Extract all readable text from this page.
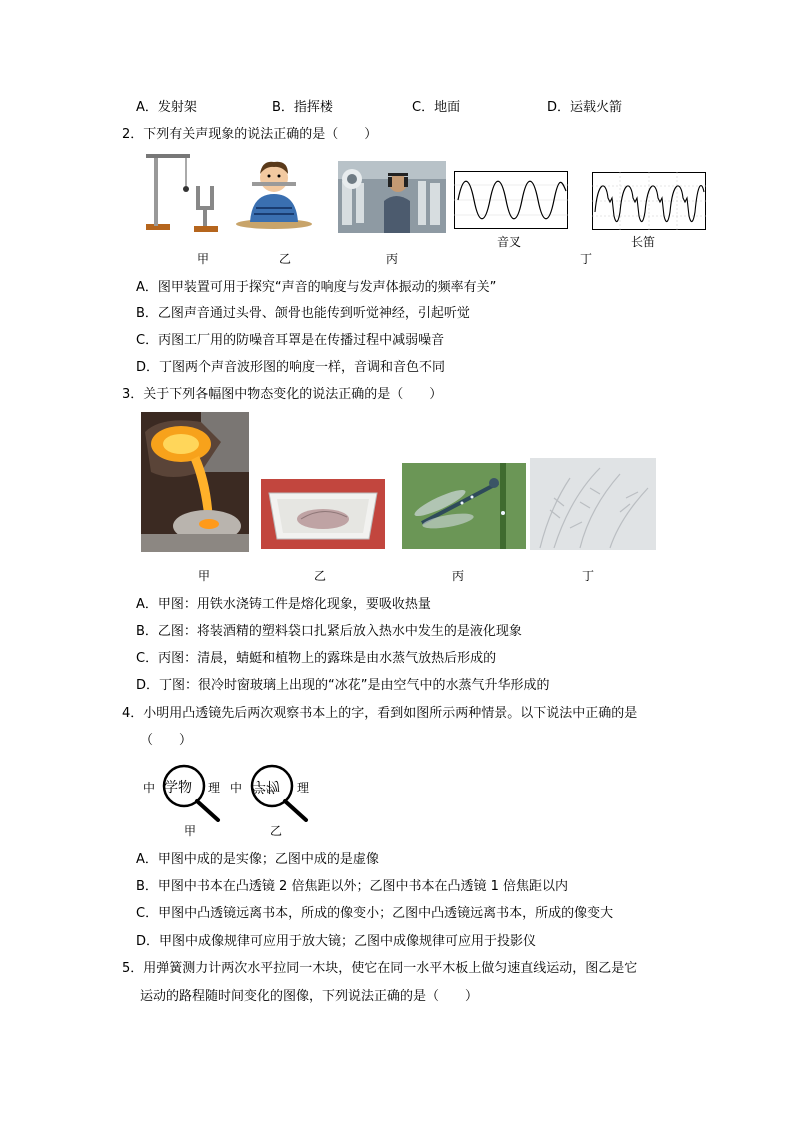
A．发射架	B．指挥楼	C．地面	D．运载火箭
2．下列有关声现象的说法正确的是（　　）
音叉	长笛
甲	乙	丙	丁
A．图甲装置可用于探究“声音的响度与发声体振动的频率有关”
B．乙图声音通过头骨、颌骨也能传到听觉神经，引起听觉
C．丙图工厂用的防噪音耳罩是在传播过程中减弱噪音
D．丁图两个声音波形图的响度一样，音调和音色不同
3．关于下列各幅图中物态变化的说法正确的是（　　）
甲	乙	丙	丁
A．甲图：用铁水浇铸工件是熔化现象，要吸收热量
B．乙图：将装酒精的塑料袋口扎紧后放入热水中发生的是液化现象
C．丙图：清晨，蜻蜓和植物上的露珠是由水蒸气放热后形成的
D．丁图：很冷时窗玻璃上出现的“冰花”是由空气中的水蒸气升华形成的
4．小明用凸透镜先后两次观察书本上的字，看到如图所示两种情景。以下说法中正确的是
（　　）
中 学物 理 中 学物 理
甲	乙
A．甲图中成的是实像；乙图中成的是虚像
B．甲图中书本在凸透镜 2 倍焦距以外；乙图中书本在凸透镜 1 倍焦距以内
C．甲图中凸透镜远离书本，所成的像变小；乙图中凸透镜远离书本，所成的像变大
D．甲图中成像规律可应用于放大镜；乙图中成像规律可应用于投影仪
5．用弹簧测力计两次水平拉同一木块，使它在同一水平木板上做匀速直线运动，图乙是它
运动的路程随时间变化的图像，下列说法正确的是（　　）
